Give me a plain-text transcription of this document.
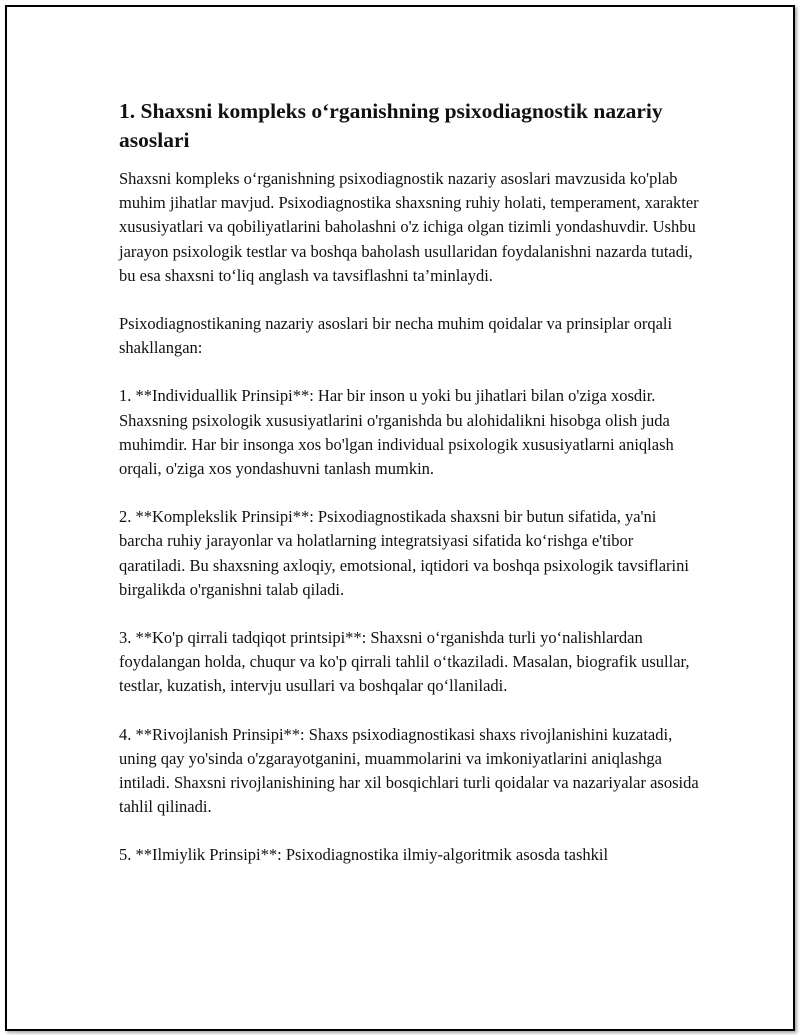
1. Shaxsni kompleks o‘rganishning psixodiagnostik nazariy asoslari

Shaxsni kompleks o‘rganishning psixodiagnostik nazariy asoslari mavzusida ko'plab muhim jihatlar mavjud. Psixodiagnostika shaxsning ruhiy holati, temperament, xarakter xususiyatlari va qobiliyatlarini baholashni o'z ichiga olgan tizimli yondashuvdir. Ushbu jarayon psixologik testlar va boshqa baholash usullaridan foydalanishni nazarda tutadi, bu esa shaxsni to‘liq anglash va tavsiflashni ta’minlaydi.

Psixodiagnostikaning nazariy asoslari bir necha muhim qoidalar va prinsiplar orqali shakllangan:

1. **Individuallik Prinsipi**: Har bir inson u yoki bu jihatlari bilan o'ziga xosdir. Shaxsning psixologik xususiyatlarini o'rganishda bu alohidalikni hisobga olish juda muhimdir. Har bir insonga xos bo'lgan individual psixologik xususiyatlarni aniqlash orqali, o'ziga xos yondashuvni tanlash mumkin.

2. **Komplekslik Prinsipi**: Psixodiagnostikada shaxsni bir butun sifatida, ya'ni barcha ruhiy jarayonlar va holatlarning integratsiyasi sifatida ko‘rishga e'tibor qaratiladi. Bu shaxsning axloqiy, emotsional, iqtidori va boshqa psixologik tavsiflarini birgalikda o'rganishni talab qiladi.

3. **Ko'p qirrali tadqiqot printsipi**: Shaxsni o‘rganishda turli yo‘nalishlardan foydalangan holda, chuqur va ko'p qirrali tahlil o‘tkaziladi. Masalan, biografik usullar, testlar, kuzatish, intervju usullari va boshqalar qo‘llaniladi.

4. **Rivojlanish Prinsipi**: Shaxs psixodiagnostikasi shaxs rivojlanishini kuzatadi, uning qay yo'sinda o'zgarayotganini, muammolarini va imkoniyatlarini aniqlashga intiladi. Shaxsni rivojlanishining har xil bosqichlari turli qoidalar va nazariyalar asosida tahlil qilinadi.

5. **Ilmiylik Prinsipi**: Psixodiagnostika ilmiy-algoritmik asosda tashkil
